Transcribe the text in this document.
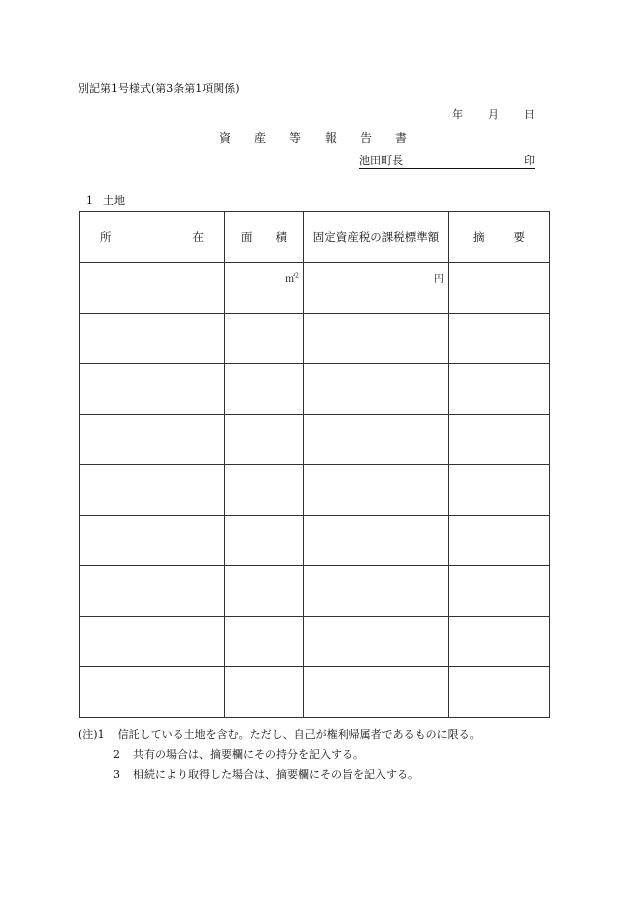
別記第1号様式(第3条第1項関係)
年 月 日
資 産 等 報 告 書
池田町長	印
1 土地
所 在	面 積	固定資産税の課税標準額	摘 要

	㎡$^2$	円	

(注)1 信託している土地を含む。ただし、自己が権利帰属者であるものに限る。
2 共有の場合は、摘要欄にその持分を記入する。
3 相続により取得した場合は、摘要欄にその旨を記入する。
